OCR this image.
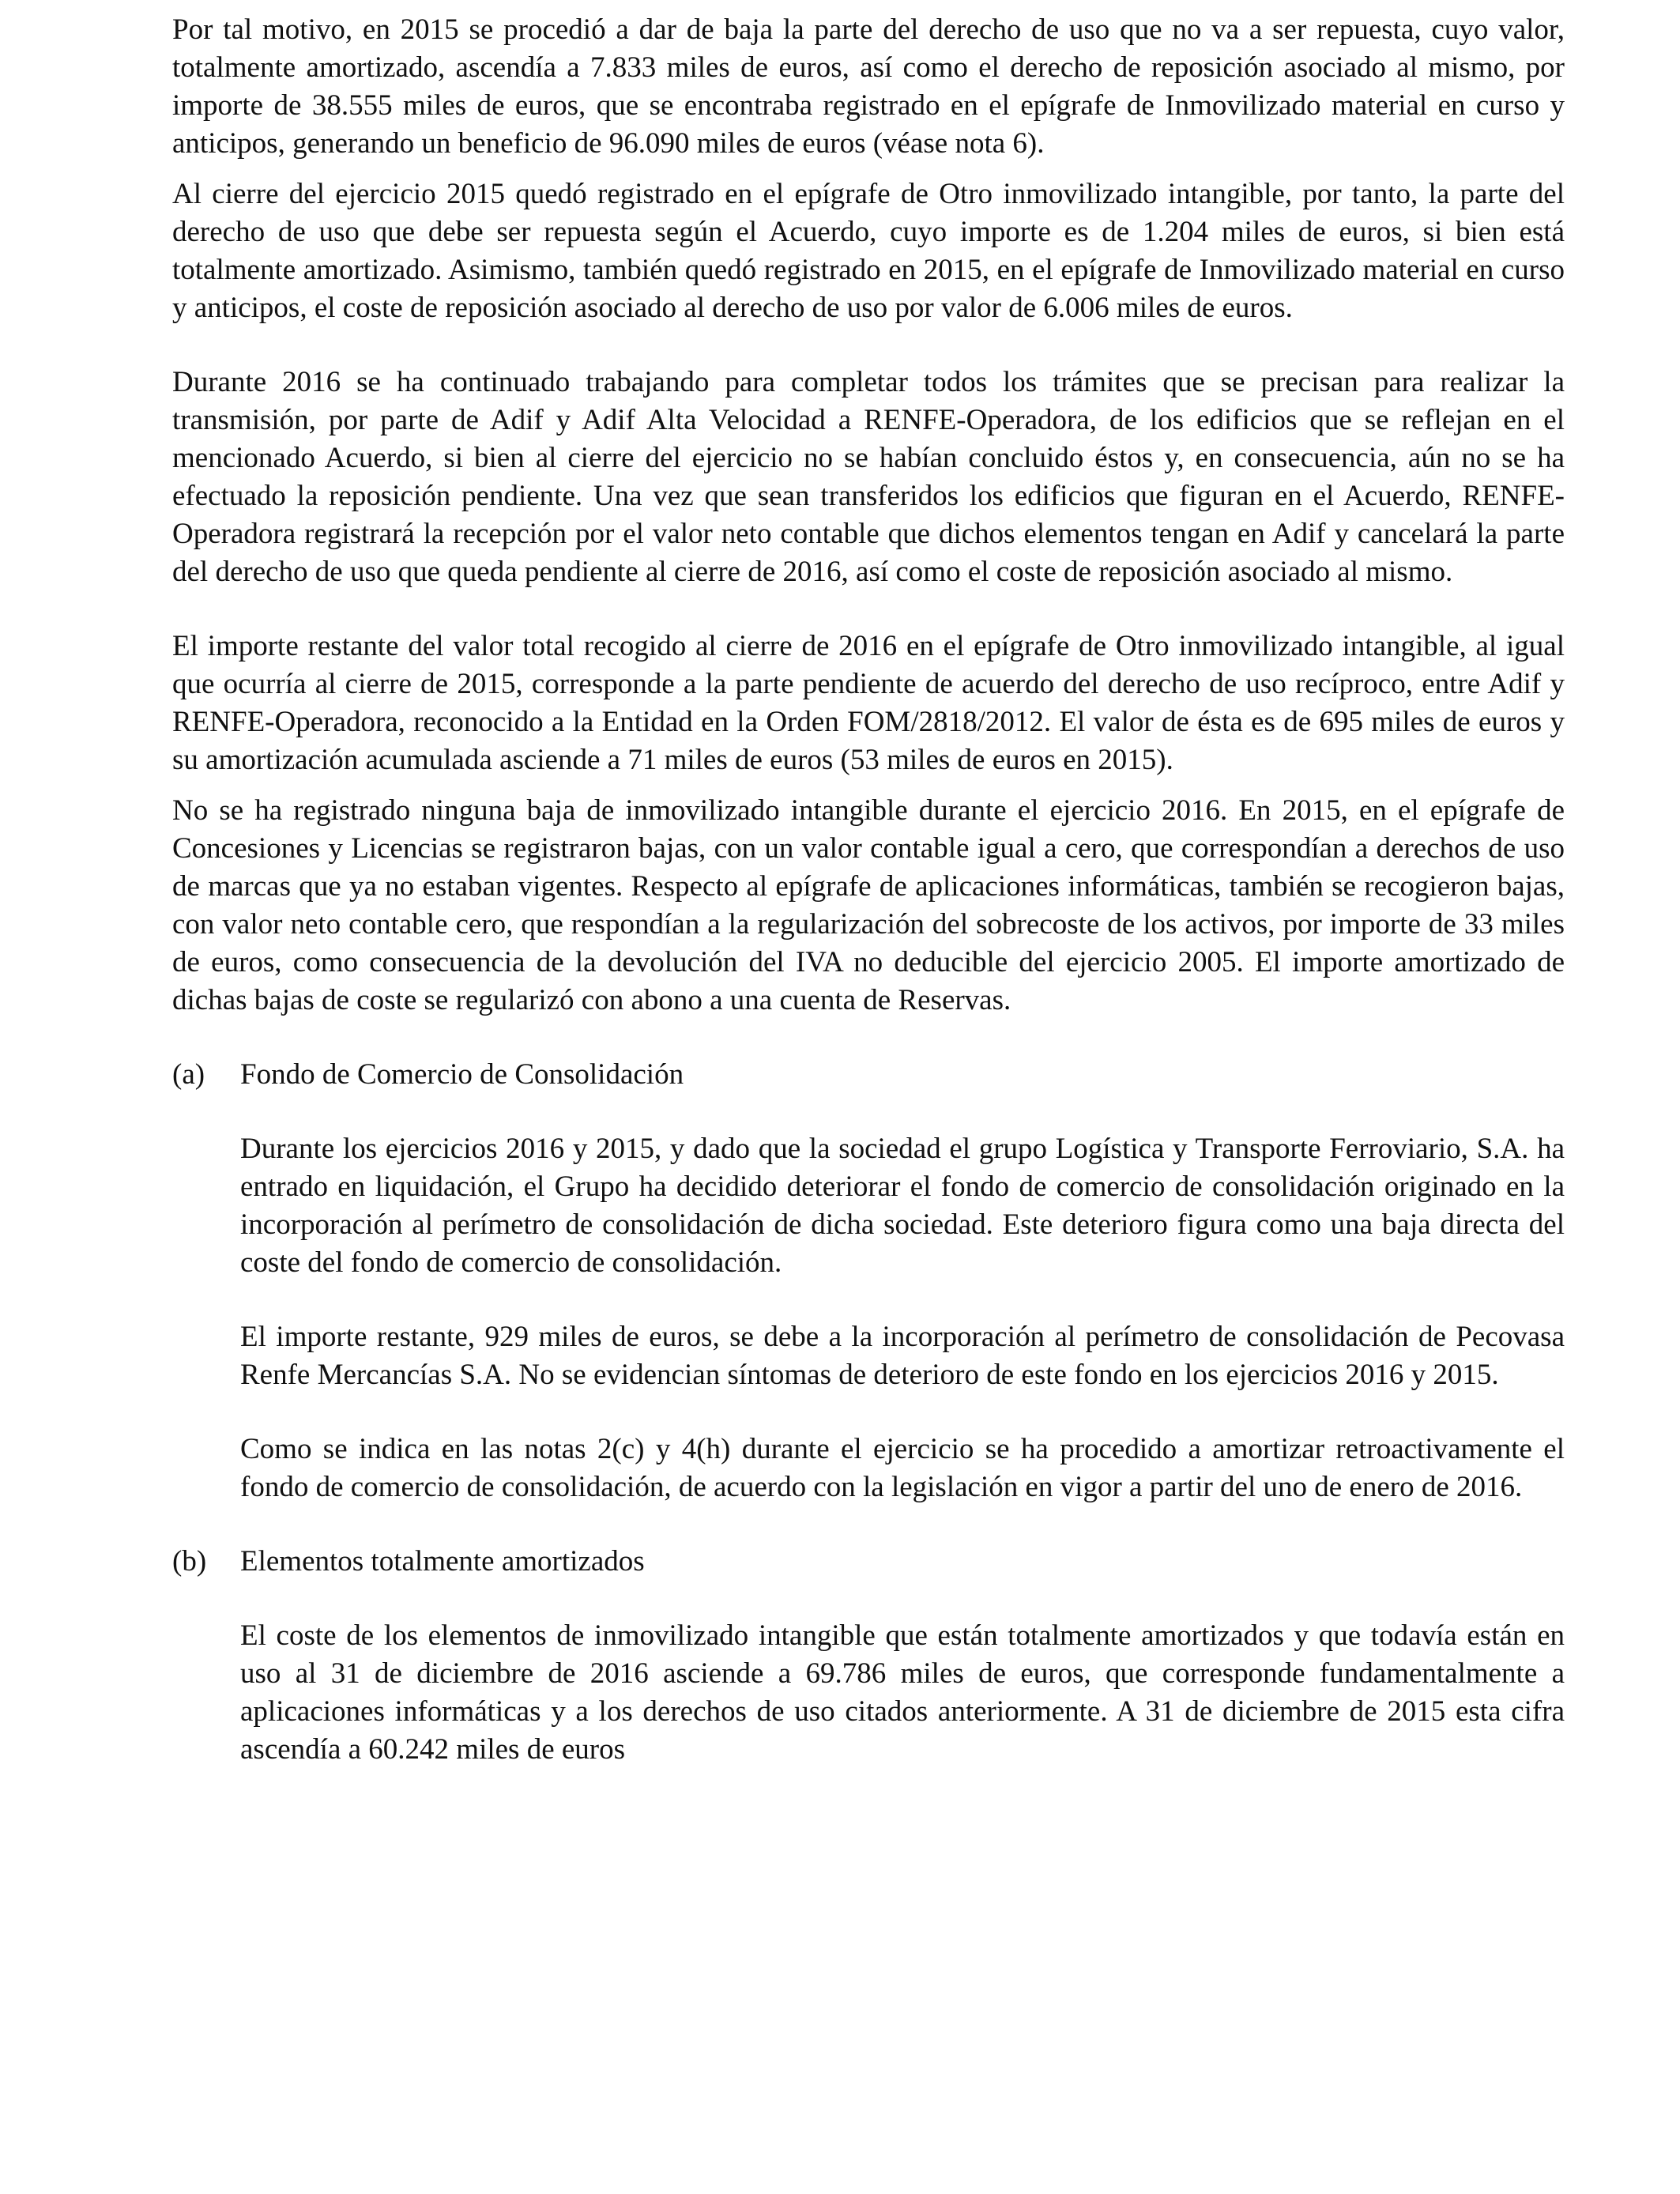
Por tal motivo, en 2015 se procedió a dar de baja la parte del derecho de uso que no va a ser repuesta, cuyo valor, totalmente amortizado, ascendía a 7.833 miles de euros, así como el derecho de reposición asociado al mismo, por importe de 38.555 miles de euros, que se encontraba registrado en el epígrafe de Inmovilizado material en curso y anticipos, generando un beneficio de 96.090 miles de euros (véase nota 6).

Al cierre del ejercicio 2015 quedó registrado en el epígrafe de Otro inmovilizado intangible, por tanto, la parte del derecho de uso que debe ser repuesta según el Acuerdo, cuyo importe es de 1.204 miles de euros, si bien está totalmente amortizado. Asimismo, también quedó registrado en 2015, en el epígrafe de Inmovilizado material en curso y anticipos, el coste de reposición asociado al derecho de uso por valor de 6.006 miles de euros.

Durante 2016 se ha continuado trabajando para completar todos los trámites que se precisan para realizar la transmisión, por parte de Adif y Adif Alta Velocidad a RENFE-Operadora, de los edificios que se reflejan en el mencionado Acuerdo, si bien al cierre del ejercicio no se habían concluido éstos y, en consecuencia, aún no se ha efectuado la reposición pendiente. Una vez que sean transferidos los edificios que figuran en el Acuerdo, RENFE-Operadora registrará la recepción por el valor neto contable que dichos elementos tengan en Adif y cancelará la parte del derecho de uso que queda pendiente al cierre de 2016, así como el coste de reposición asociado al mismo.

El importe restante del valor total recogido al cierre de 2016 en el epígrafe de Otro inmovilizado intangible, al igual que ocurría al cierre de 2015, corresponde a la parte pendiente de acuerdo del derecho de uso recíproco, entre Adif y RENFE-Operadora, reconocido a la Entidad en la Orden FOM/2818/2012. El valor de ésta es de 695 miles de euros y su amortización acumulada asciende a 71 miles de euros (53 miles de euros en 2015).

No se ha registrado ninguna baja de inmovilizado intangible durante el ejercicio 2016. En 2015, en el epígrafe de Concesiones y Licencias se registraron bajas, con un valor contable igual a cero, que correspondían a derechos de uso de marcas que ya no estaban vigentes. Respecto al epígrafe de aplicaciones informáticas, también se recogieron bajas, con valor neto contable cero, que respondían a la regularización del sobrecoste de los activos, por importe de 33 miles de euros, como consecuencia de la devolución del IVA no deducible del ejercicio 2005. El importe amortizado de dichas bajas de coste se regularizó con abono a una cuenta de Reservas.

(a)	Fondo de Comercio de Consolidación

Durante los ejercicios 2016 y 2015, y dado que la sociedad el grupo Logística y Transporte Ferroviario, S.A. ha entrado en liquidación, el Grupo ha decidido deteriorar el fondo de comercio de consolidación originado en la incorporación al perímetro de consolidación de dicha sociedad. Este deterioro figura como una baja directa del coste del fondo de comercio de consolidación.

El importe restante, 929 miles de euros, se debe a la incorporación al perímetro de consolidación de Pecovasa Renfe Mercancías S.A. No se evidencian síntomas de deterioro de este fondo en los ejercicios 2016 y 2015.

Como se indica en las notas 2(c) y 4(h) durante el ejercicio se ha procedido a amortizar retroactivamente el fondo de comercio de consolidación, de acuerdo con la legislación en vigor a partir del uno de enero de 2016.

(b)	Elementos totalmente amortizados

El coste de los elementos de inmovilizado intangible que están totalmente amortizados y que todavía están en uso al 31 de diciembre de 2016 asciende a 69.786 miles de euros, que corresponde fundamentalmente a aplicaciones informáticas y a los derechos de uso citados anteriormente. A 31 de diciembre de 2015 esta cifra ascendía a 60.242 miles de euros
